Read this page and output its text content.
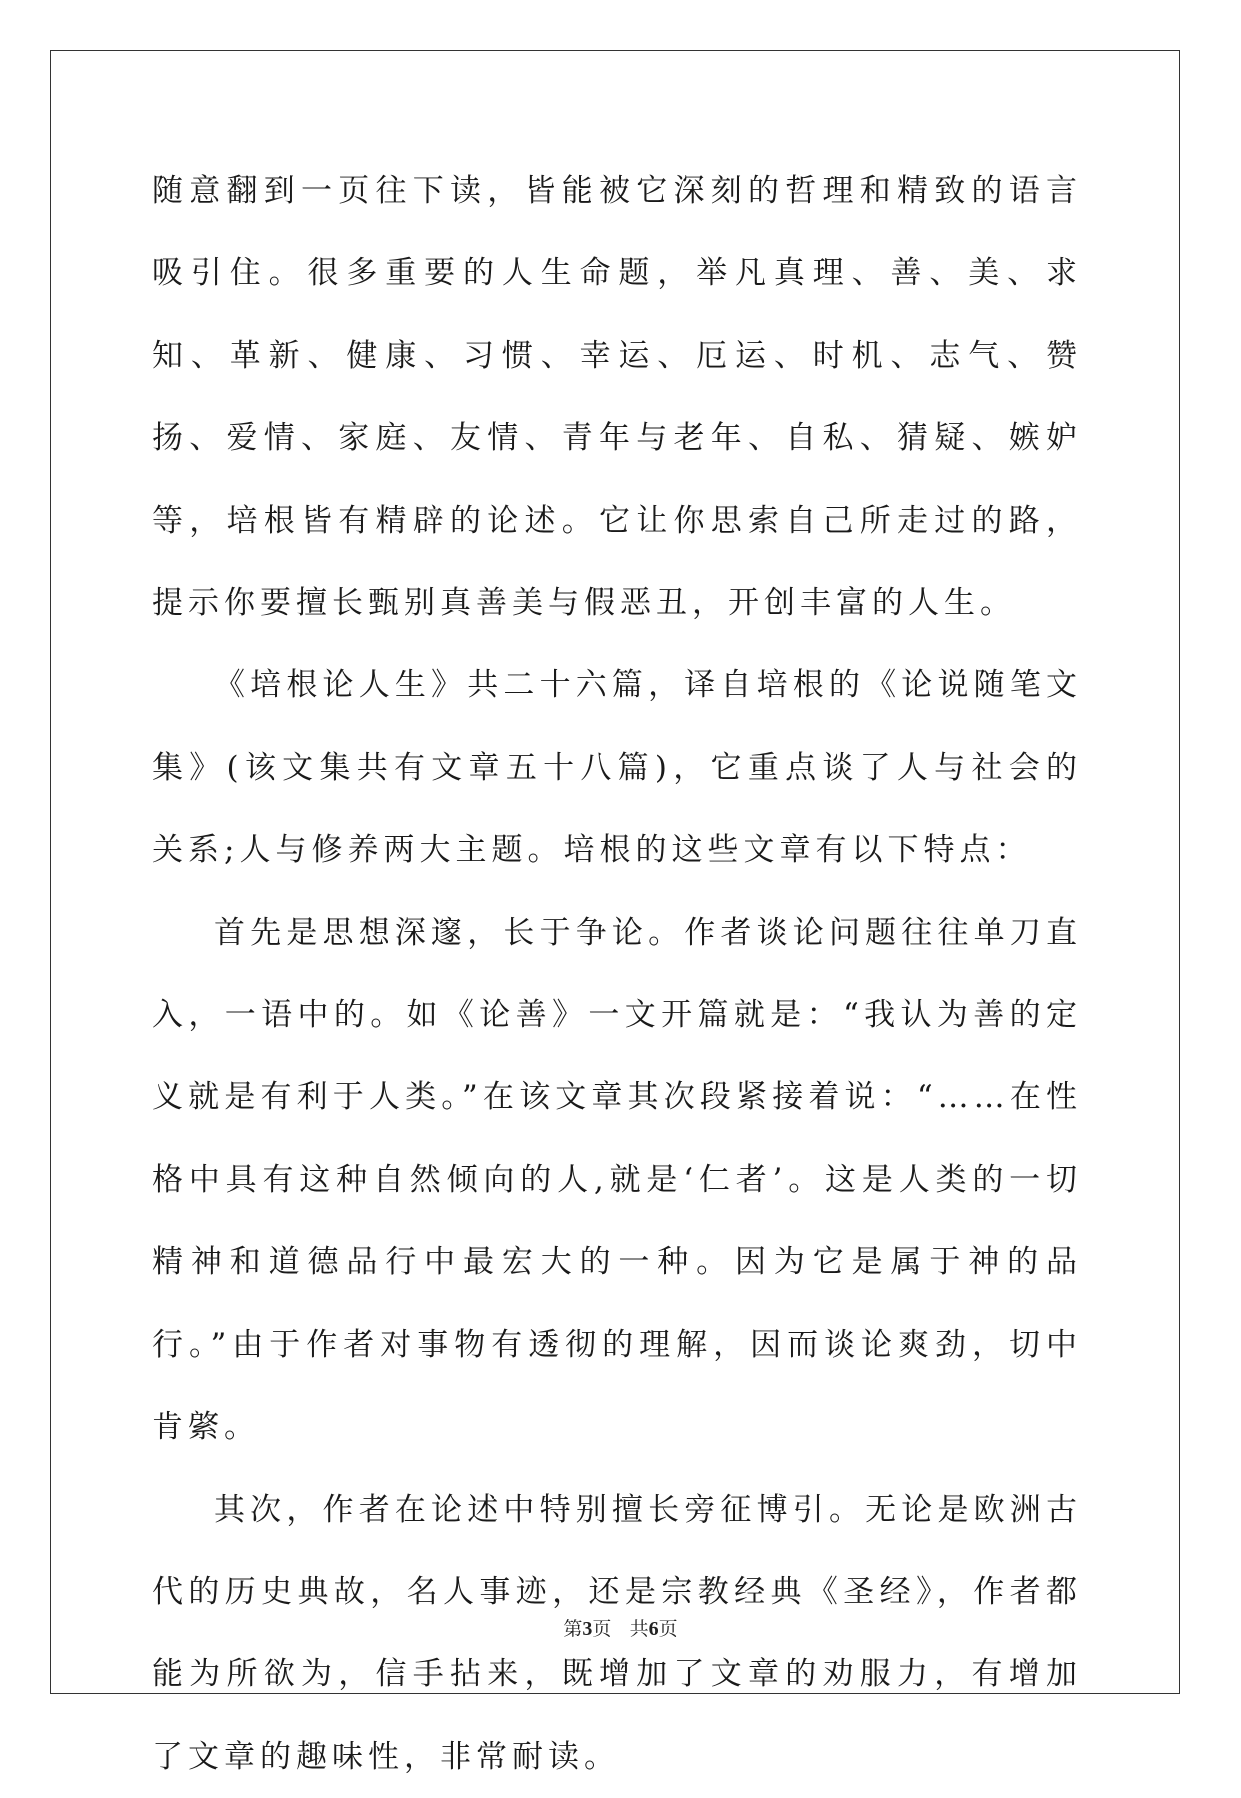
随意翻到一页往下读，皆能被它深刻的哲理和精致的语言吸引住。很多重要的人生命题，举凡真理、善、美、求知、革新、健康、习惯、幸运、厄运、时机、志气、赞扬、爱情、家庭、友情、青年与老年、自私、猜疑、嫉妒等，培根皆有精辟的论述。它让你思索自己所走过的路，提示你要擅长甄别真善美与假恶丑，开创丰富的人生。

《培根论人生》共二十六篇，译自培根的《论说随笔文集》(该文集共有文章五十八篇)，它重点谈了人与社会的关系;人与修养两大主题。培根的这些文章有以下特点：

首先是思想深邃，长于争论。作者谈论问题往往单刀直入，一语中的。如《论善》一文开篇就是：“我认为善的定义就是有利于人类。”在该文章其次段紧接着说：“……在性格中具有这种自然倾向的人,就是‘仁者’。这是人类的一切精神和道德品行中最宏大的一种。因为它是属于神的品行。”由于作者对事物有透彻的理解，因而谈论爽劲，切中肯綮。

其次，作者在论述中特别擅长旁征博引。无论是欧洲古代的历史典故，名人事迹，还是宗教经典《圣经》，作者都能为所欲为，信手拈来，既增加了文章的劝服力，有增加了文章的趣味性，非常耐读。

第3页 共6页
